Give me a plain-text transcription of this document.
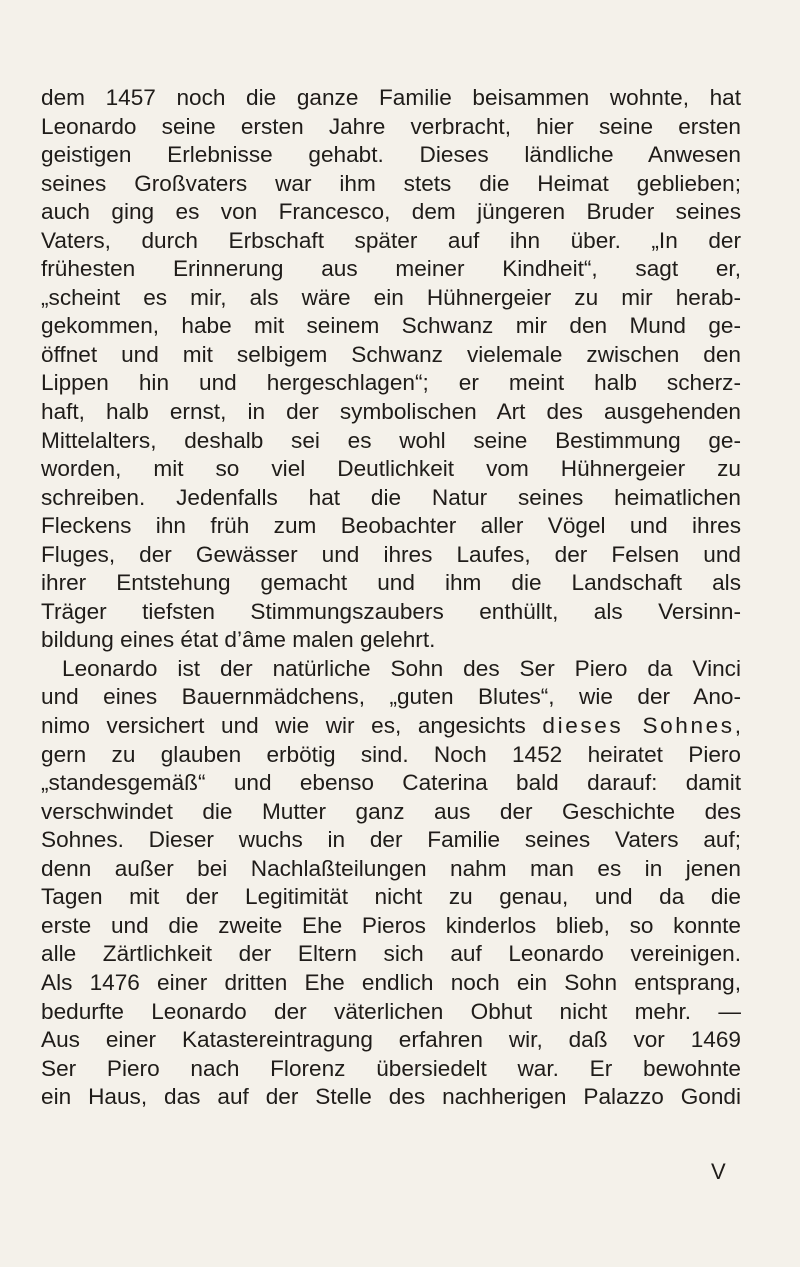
dem 1457 noch die ganze Familie beisammen wohnte, hat
Leonardo seine ersten Jahre verbracht, hier seine ersten
geistigen Erlebnisse gehabt. Dieses ländliche Anwesen
seines Großvaters war ihm stets die Heimat geblieben;
auch ging es von Francesco, dem jüngeren Bruder seines
Vaters, durch Erbschaft später auf ihn über. „In der
frühesten Erinnerung aus meiner Kindheit“, sagt er,
„scheint es mir, als wäre ein Hühnergeier zu mir herab-
gekommen, habe mit seinem Schwanz mir den Mund ge-
öffnet und mit selbigem Schwanz vielemale zwischen den
Lippen hin und hergeschlagen“; er meint halb scherz-
haft, halb ernst, in der symbolischen Art des ausgehenden
Mittelalters, deshalb sei es wohl seine Bestimmung ge-
worden, mit so viel Deutlichkeit vom Hühnergeier zu
schreiben. Jedenfalls hat die Natur seines heimatlichen
Fleckens ihn früh zum Beobachter aller Vögel und ihres
Fluges, der Gewässer und ihres Laufes, der Felsen und
ihrer Entstehung gemacht und ihm die Landschaft als
Träger tiefsten Stimmungszaubers enthüllt, als Versinn-
bildung eines état d’âme malen gelehrt.
Leonardo ist der natürliche Sohn des Ser Piero da Vinci
und eines Bauernmädchens, „guten Blutes“, wie der Ano-
nimo versichert und wie wir es, angesichts dieses Sohnes,
gern zu glauben erbötig sind. Noch 1452 heiratet Piero
„standesgemäß“ und ebenso Caterina bald darauf: damit
verschwindet die Mutter ganz aus der Geschichte des
Sohnes. Dieser wuchs in der Familie seines Vaters auf;
denn außer bei Nachlaßteilungen nahm man es in jenen
Tagen mit der Legitimität nicht zu genau, und da die
erste und die zweite Ehe Pieros kinderlos blieb, so konnte
alle Zärtlichkeit der Eltern sich auf Leonardo vereinigen.
Als 1476 einer dritten Ehe endlich noch ein Sohn entsprang,
bedurfte Leonardo der väterlichen Obhut nicht mehr. —
Aus einer Katastereintragung erfahren wir, daß vor 1469
Ser Piero nach Florenz übersiedelt war. Er bewohnte
ein Haus, das auf der Stelle des nachherigen Palazzo Gondi
V
